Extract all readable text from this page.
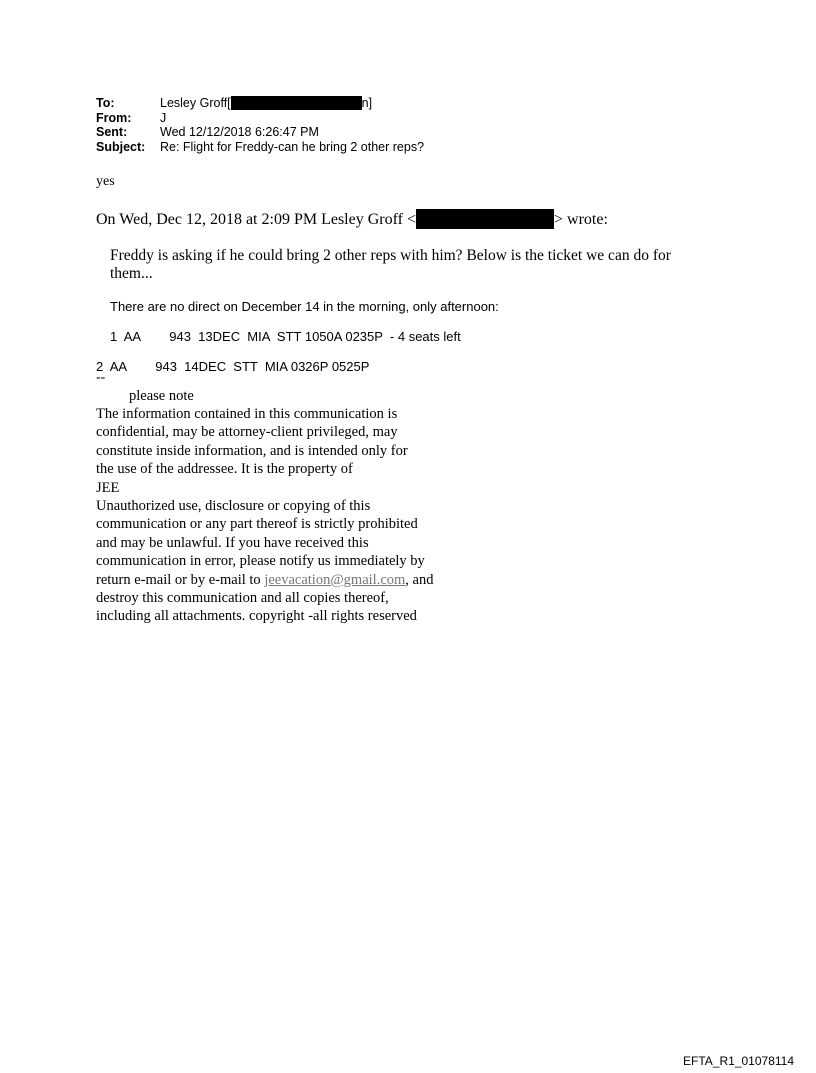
To:	Lesley Groff[	n]
From:	J
Sent:	Wed 12/12/2018 6:26:47 PM
Subject:	Re: Flight for Freddy-can he bring 2 other reps?
yes
On Wed, Dec 12, 2018 at 2:09 PM Lesley Groff <	> wrote:
Freddy is asking if he could bring 2 other reps with him? Below is the ticket we can do for them...

There are no direct on December 14 in the morning, only afternoon:

1  AA        943  13DEC  MIA  STT 1050A 0235P  - 4 seats left

2  AA        943  14DEC  STT  MIA 0326P 0525P

--
please note
The information contained in this communication is
confidential, may be attorney-client privileged, may
constitute inside information, and is intended only for
the use of the addressee. It is the property of
JEE
Unauthorized use, disclosure or copying of this
communication or any part thereof is strictly prohibited
and may be unlawful. If you have received this
communication in error, please notify us immediately by
return e-mail or by e-mail to jeevacation@gmail.com, and
destroy this communication and all copies thereof,
including all attachments. copyright -all rights reserved
EFTA_R1_01078114
